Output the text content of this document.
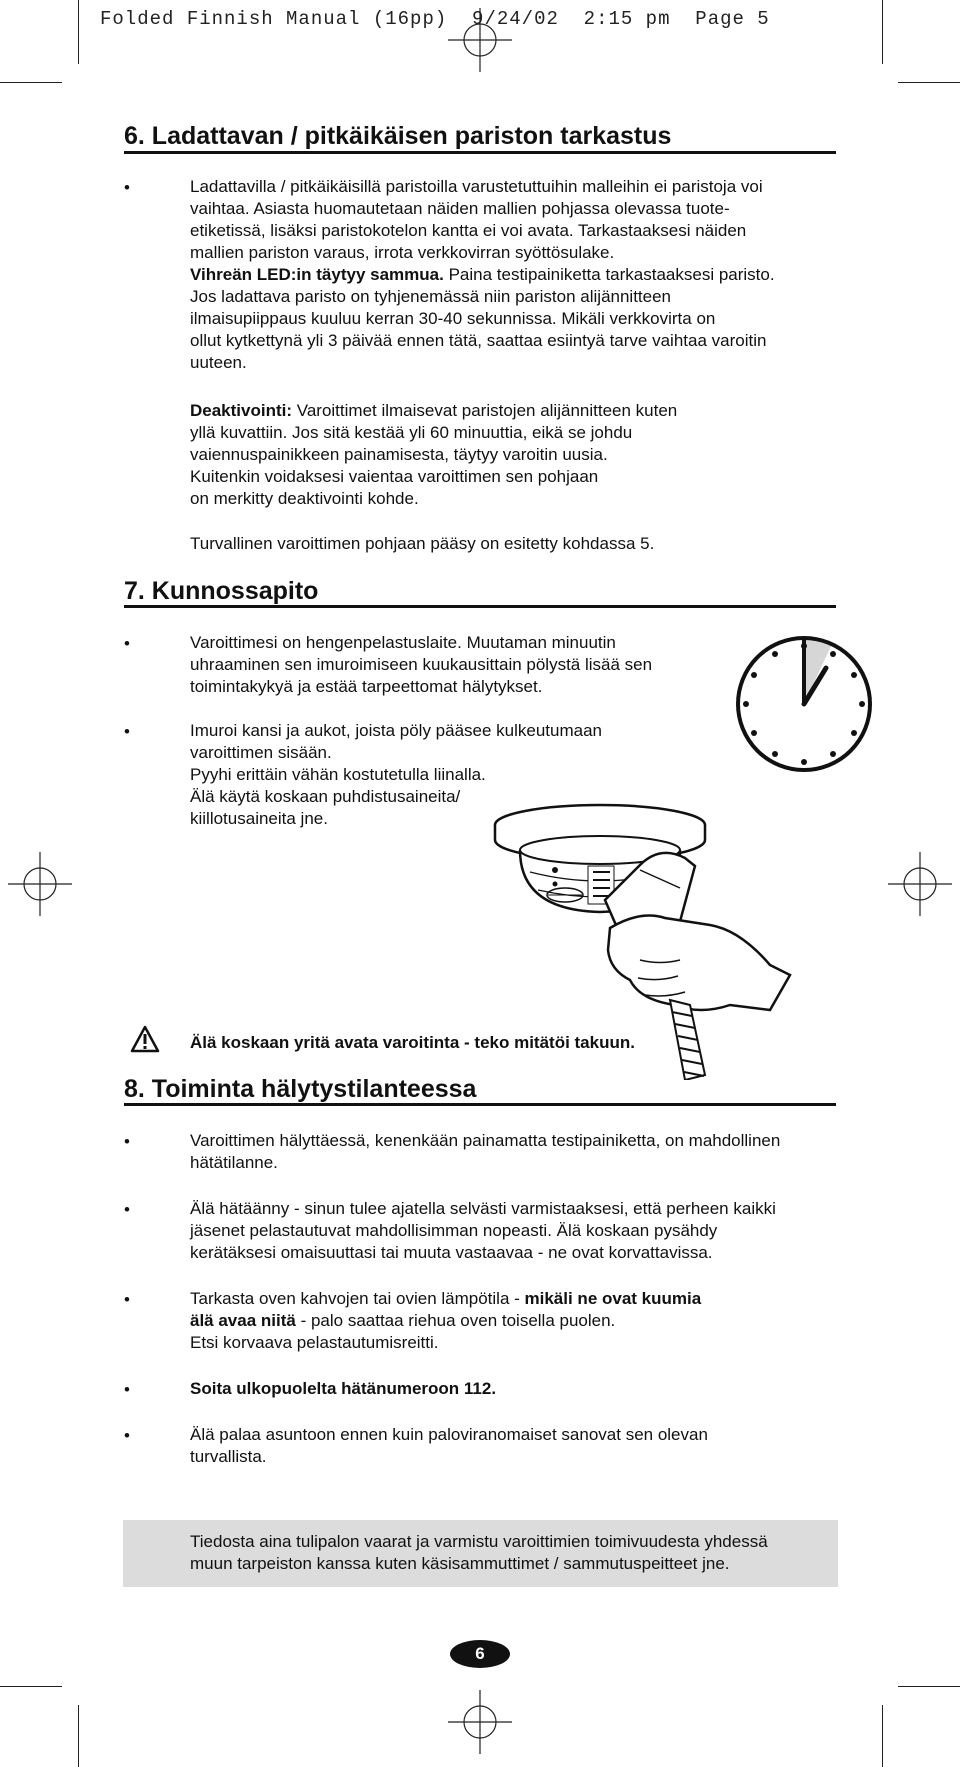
Folded Finnish Manual (16pp)  9/24/02  2:15 pm  Page 5
6. Ladattavan / pitkäikäisen pariston tarkastus
•	Ladattavilla / pitkäikäisillä paristoilla varustetuttuihin malleihin ei paristoja voi
vaihtaa. Asiasta huomautetaan näiden mallien pohjassa olevassa tuote-
etiketissä, lisäksi paristokotelon kantta ei voi avata. Tarkastaaksesi näiden
mallien pariston varaus, irrota verkkovirran syöttösulake.
Vihreän LED:in täytyy sammua. Paina testipainiketta tarkastaaksesi paristo.
Jos ladattava paristo on tyhjenemässä niin pariston alijännitteen
ilmaisupiippaus kuuluu kerran 30-40 sekunnissa. Mikäli verkkovirta on
ollut kytkettynä yli 3 päivää ennen tätä, saattaa esiintyä tarve vaihtaa varoitin
uuteen.
Deaktivointi: Varoittimet ilmaisevat paristojen alijännitteen kuten
yllä kuvattiin. Jos sitä kestää yli 60 minuuttia, eikä se johdu
vaiennuspainikkeen painamisesta, täytyy varoitin uusia.
Kuitenkin voidaksesi vaientaa varoittimen sen pohjaan
on merkitty deaktivointi kohde.
Turvallinen varoittimen pohjaan pääsy on esitetty kohdassa 5.
7. Kunnossapito
•	Varoittimesi on hengenpelastuslaite. Muutaman minuutin
uhraaminen sen imuroimiseen kuukausittain pölystä lisää sen
toimintakykyä ja estää tarpeettomat hälytykset.
•	Imuroi kansi ja aukot, joista pöly pääsee kulkeutumaan
varoittimen sisään.
Pyyhi erittäin vähän kostutetulla liinalla.
Älä käytä koskaan puhdistusaineita/
kiillotusaineita jne.
Älä koskaan yritä avata varoitinta - teko mitätöi takuun.
8. Toiminta hälytystilanteessa
•	Varoittimen hälyttäessä, kenenkään painamatta testipainiketta, on mahdollinen
hätätilanne.
•	Älä hätäänny - sinun tulee ajatella selvästi varmistaaksesi, että perheen kaikki
jäsenet pelastautuvat mahdollisimman nopeasti. Älä koskaan pysähdy
kerätäksesi omaisuuttasi tai muuta vastaavaa - ne ovat korvattavissa.
•	Tarkasta oven kahvojen tai ovien lämpötila - mikäli ne ovat kuumia
älä avaa niitä - palo saattaa riehua oven toisella puolen.
Etsi korvaava pelastautumisreitti.
•	Soita ulkopuolelta hätänumeroon 112.
•	Älä palaa asuntoon ennen kuin paloviranomaiset sanovat sen olevan
turvallista.
Tiedosta aina tulipalon vaarat ja varmistu varoittimien toimivuudesta yhdessä
muun tarpeiston kanssa kuten käsisammuttimet / sammutuspeitteet jne.
6
